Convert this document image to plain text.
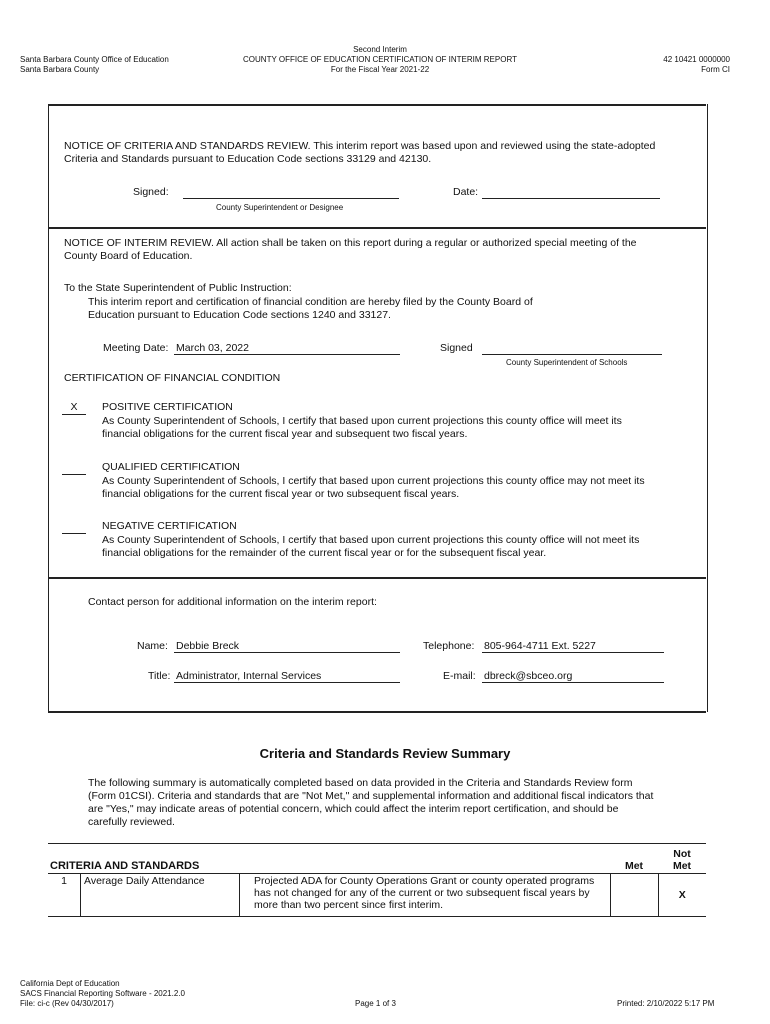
Santa Barbara County Office of Education
Santa Barbara County
Second Interim
COUNTY OFFICE OF EDUCATION CERTIFICATION OF INTERIM REPORT
For the Fiscal Year 2021-22
42 10421 0000000
Form CI
NOTICE OF CRITERIA AND STANDARDS REVIEW. This interim report was based upon and reviewed using the state-adopted Criteria and Standards pursuant to Education Code sections 33129 and 42130.
Signed:
County Superintendent or Designee
Date:
NOTICE OF INTERIM REVIEW. All action shall be taken on this report during a regular or authorized special meeting of the County Board of Education.
To the State Superintendent of Public Instruction:
This interim report and certification of financial condition are hereby filed by the County Board of Education pursuant to Education Code sections 1240 and 33127.
Meeting Date: March 03, 2022	Signed
County Superintendent of Schools
CERTIFICATION OF FINANCIAL CONDITION
X	POSITIVE CERTIFICATION
As County Superintendent of Schools, I certify that based upon current projections this county office will meet its financial obligations for the current fiscal year and subsequent two fiscal years.
QUALIFIED CERTIFICATION
As County Superintendent of Schools, I certify that based upon current projections this county office may not meet its financial obligations for the current fiscal year or two subsequent fiscal years.
NEGATIVE CERTIFICATION
As County Superintendent of Schools, I certify that based upon current projections this county office will not meet its financial obligations for the remainder of the current fiscal year or for the subsequent fiscal year.
Contact person for additional information on the interim report:
Name: Debbie Breck	Telephone: 805-964-4711 Ext. 5227
Title: Administrator, Internal Services	E-mail: dbreck@sbceo.org
Criteria and Standards Review Summary
The following summary is automatically completed based on data provided in the Criteria and Standards Review form (Form 01CSI). Criteria and standards that are "Not Met," and supplemental information and additional fiscal indicators that are "Yes," may indicate areas of potential concern, which could affect the interim report certification, and should be carefully reviewed.
CRITERIA AND STANDARDS			Met	Not
Met

1	Average Daily Attendance	Projected ADA for County Operations Grant or county operated programs has not changed for any of the current or two subsequent fiscal years by more than two percent since first interim.		X
California Dept of Education
SACS Financial Reporting Software - 2021.2.0
File: ci-c (Rev 04/30/2017)	Page 1 of 3	Printed: 2/10/2022 5:17 PM
